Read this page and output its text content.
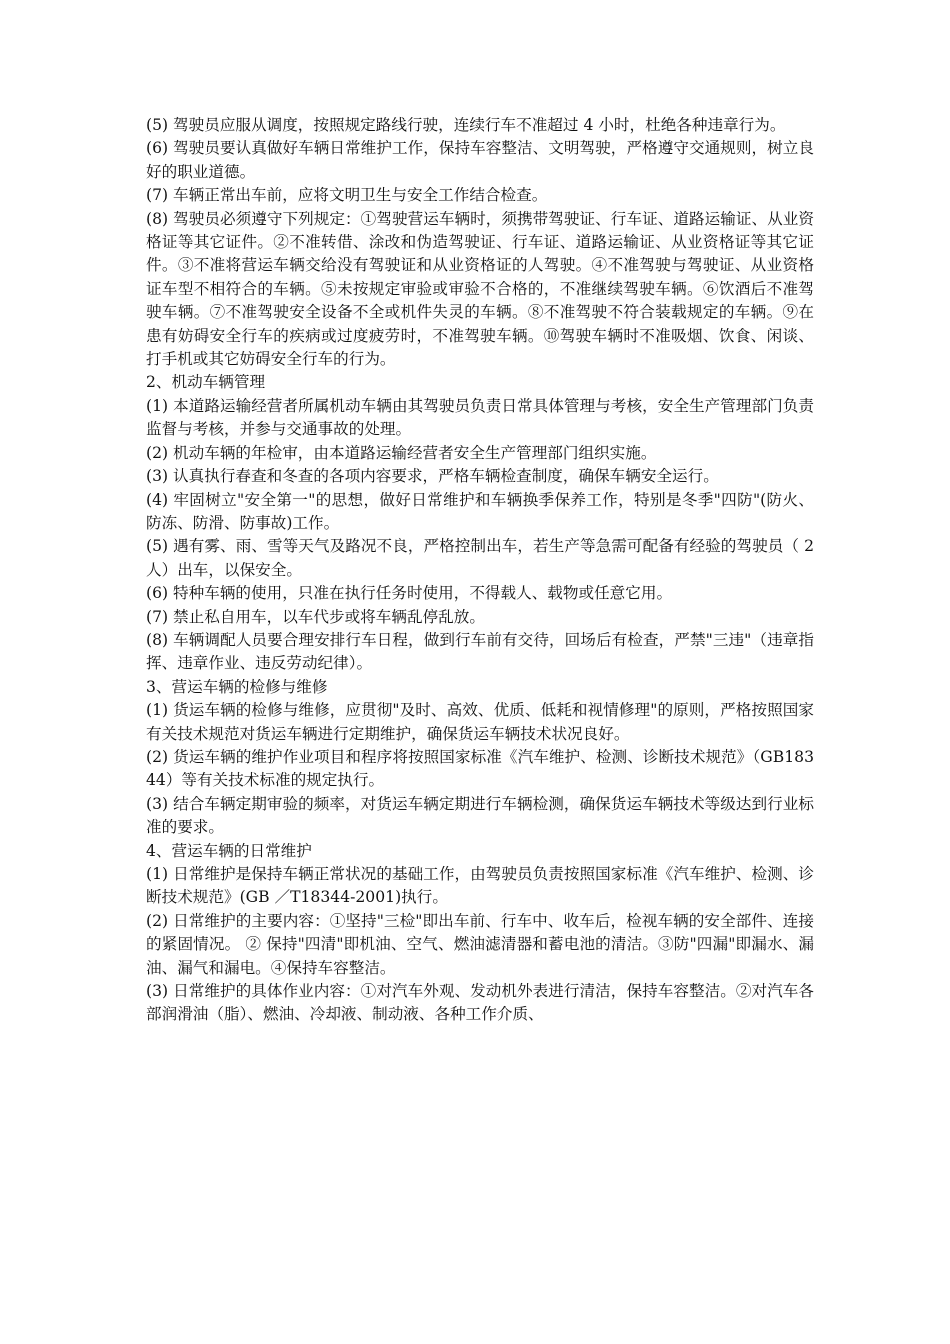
(5) 驾驶员应服从调度，按照规定路线行驶，连续行车不准超过 4 小时，杜绝各种违章行为。

(6) 驾驶员要认真做好车辆日常维护工作，保持车容整洁、文明驾驶，严格遵守交通规则，树立良好的职业道德。

(7) 车辆正常出车前，应将文明卫生与安全工作结合检查。

(8) 驾驶员必须遵守下列规定：①驾驶营运车辆时，须携带驾驶证、行车证、道路运输证、从业资格证等其它证件。②不准转借、涂改和伪造驾驶证、行车证、道路运输证、从业资格证等其它证件。③不准将营运车辆交给没有驾驶证和从业资格证的人驾驶。④不准驾驶与驾驶证、从业资格证车型不相符合的车辆。⑤未按规定审验或审验不合格的，不准继续驾驶车辆。⑥饮酒后不准驾驶车辆。⑦不准驾驶安全设备不全或机件失灵的车辆。⑧不准驾驶不符合装载规定的车辆。⑨在患有妨碍安全行车的疾病或过度疲劳时，不准驾驶车辆。⑩驾驶车辆时不准吸烟、饮食、闲谈、打手机或其它妨碍安全行车的行为。

2、机动车辆管理

(1) 本道路运输经营者所属机动车辆由其驾驶员负责日常具体管理与考核，安全生产管理部门负责监督与考核，并参与交通事故的处理。

(2) 机动车辆的年检审，由本道路运输经营者安全生产管理部门组织实施。

(3) 认真执行春查和冬查的各项内容要求，严格车辆检查制度，确保车辆安全运行。

(4) 牢固树立"安全第一"的思想，做好日常维护和车辆换季保养工作，特别是冬季"四防"(防火、防冻、防滑、防事故)工作。

(5) 遇有雾、雨、雪等天气及路况不良，严格控制出车，若生产等急需可配备有经验的驾驶员（ 2 人）出车，以保安全。

(6) 特种车辆的使用，只准在执行任务时使用，不得载人、载物或任意它用。

(7) 禁止私自用车，以车代步或将车辆乱停乱放。

(8) 车辆调配人员要合理安排行车日程，做到行车前有交待，回场后有检查，严禁"三违"（违章指挥、违章作业、违反劳动纪律）。

3、营运车辆的检修与维修

(1) 货运车辆的检修与维修，应贯彻"及时、高效、优质、低耗和视情修理"的原则，严格按照国家有关技术规范对货运车辆进行定期维护，确保货运车辆技术状况良好。

(2) 货运车辆的维护作业项目和程序将按照国家标准《汽车维护、检测、诊断技术规范》（GB18344）等有关技术标准的规定执行。

(3) 结合车辆定期审验的频率，对货运车辆定期进行车辆检测，确保货运车辆技术等级达到行业标准的要求。

4、营运车辆的日常维护

(1) 日常维护是保持车辆正常状况的基础工作，由驾驶员负责按照国家标准《汽车维护、检测、诊断技术规范》(GB ／T18344-2001)执行。

(2) 日常维护的主要内容：①坚持"三检"即出车前、行车中、收车后，检视车辆的安全部件、连接的紧固情况。 ② 保持"四清"即机油、空气、燃油滤清器和蓄电池的清洁。③防"四漏"即漏水、漏油、漏气和漏电。④保持车容整洁。

(3) 日常维护的具体作业内容：①对汽车外观、发动机外表进行清洁，保持车容整洁。②对汽车各部润滑油（脂）、燃油、冷却液、制动液、各种工作介质、
